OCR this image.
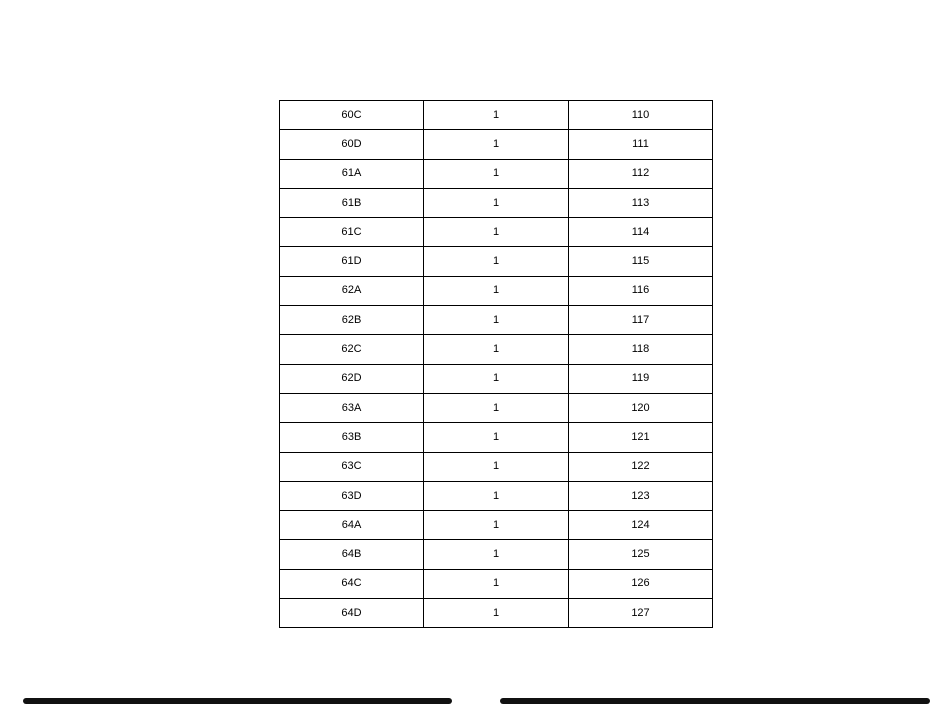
60C	1	110
60D	1	111
61A	1	112
61B	1	113
61C	1	114
61D	1	115
62A	1	116
62B	1	117
62C	1	118
62D	1	119
63A	1	120
63B	1	121
63C	1	122
63D	1	123
64A	1	124
64B	1	125
64C	1	126
64D	1	127
